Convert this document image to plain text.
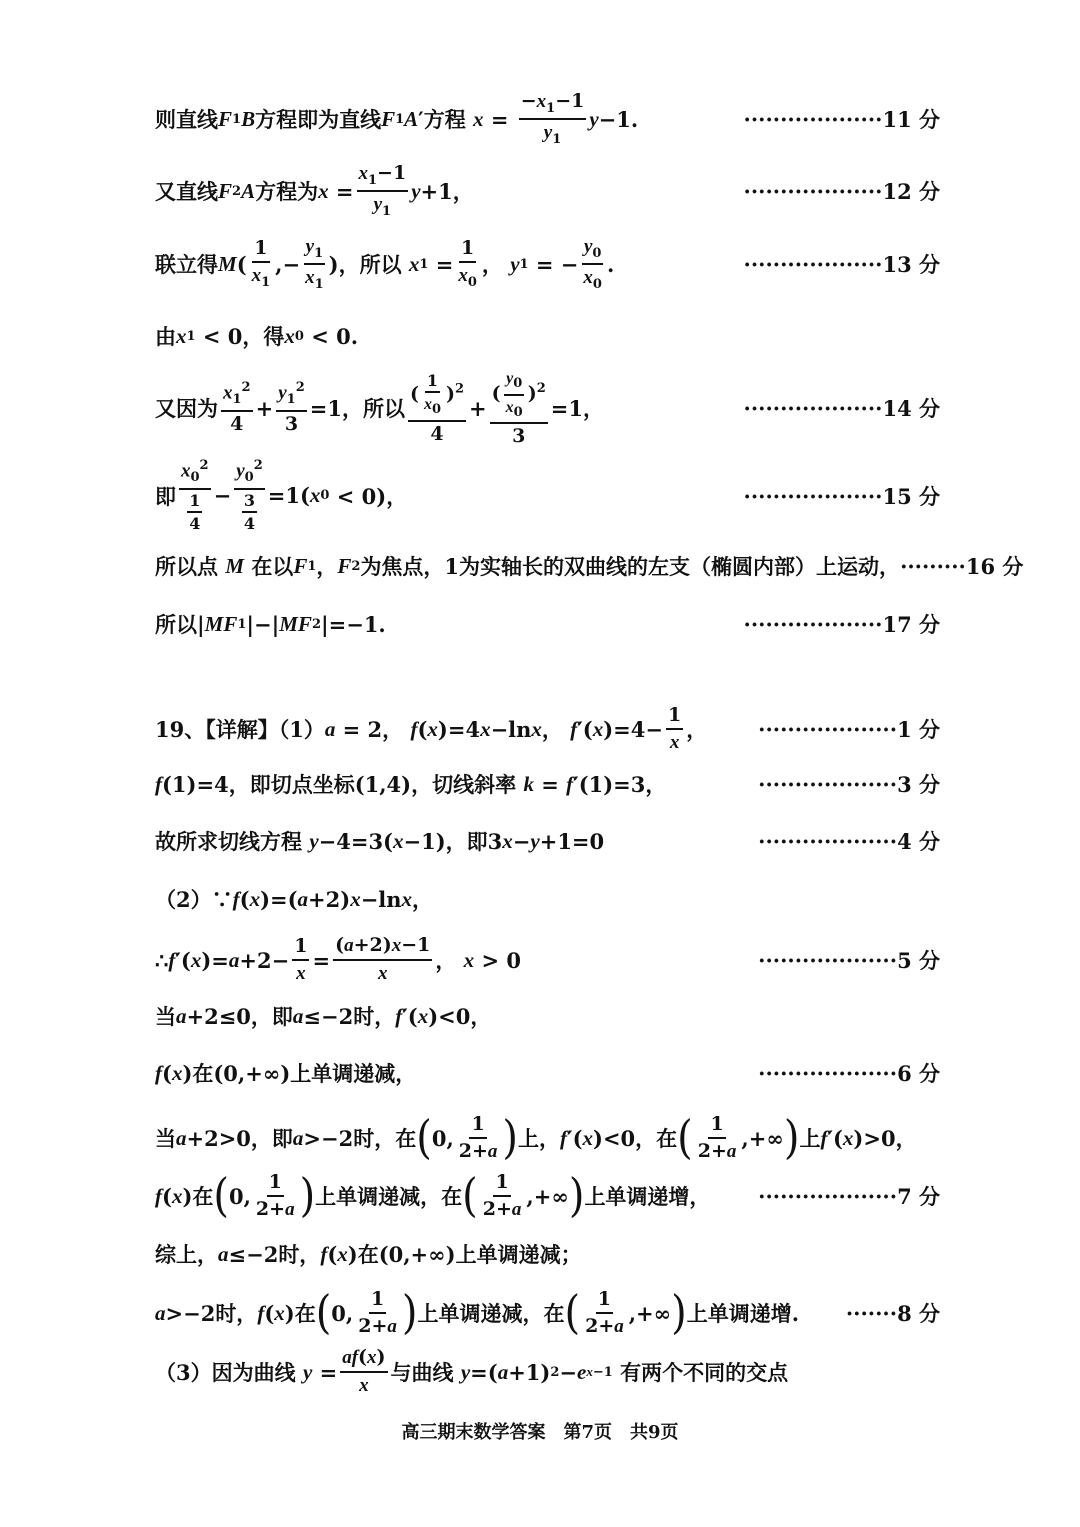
则直线 F 1 B 方程即为直线 F 1 A ′ 方程
$x = \frac{-x_1-1}{y_1}$ y −1.	···················11 分
又直线 F 2 A 方程为 $x = \frac{x_1-1}{y_1}$ y +1，	···················12 分
联立得 M ( $\frac{1}{x_1}$ ,− $\frac{y_1}{x_1}$ ) ，所以
x $1 = \frac{1}{x_0}$ ， y 1 = − $\frac{y_0}{x_0}$ .	···················13 分
由 x 1 < 0 ，得 x 0 < 0 .
又因为 $\frac{x_1^2}{4} + \frac{y_1^2}{3} =1$ ，所以 $\frac{( \frac{1}{x_0} )^2}{4} + \frac{( \frac{y_0}{x_0} )^2}{3} =1$，	···················14 分
即 $\frac{x_0^2}{\frac{1}{4}} - \frac{y_0^2}{\frac{3}{4}} =1$( x 0 < 0)，	···················15 分
所以点
M
在以 F 1 ， F 2 为焦点，1为实轴长的双曲线的左支（椭圆内部）上运动， ·········16 分
所以 | MF 1 |−| MF 2 |=−1.	···················17 分
19、【详解】（1） a = 2， f ( x )=4 x −ln x ， f ′( x )$=4- \frac{1}{x}$ ， ···················1 分
f (1)=4 ，即切点坐标 (1,4) ，切线斜率
k = f ′(1)=3，	···················3 分
故所求切线方程
y −4=3( x −1) ，即 3 x − y +1=0	···················4 分
（2）∵ f ( x )=( a +2) x −ln x ，
∴ f ′( x )= $a +2- \frac{1}{x} = \frac{(a+2)x-1}{x}$ ， x > 0	···················5 分
当 a +2≤0 ，即 a ≤−2 时， f ′( x )<0，
f ( x ) 在 (0,+∞) 上单调递减，	···················6 分
当 a +2>0 ，即 a >−2 时，在 ( 0, $\frac{1}{2+a}$ ) 上， f ′( x )<0 ，在 ( $\frac{1}{2+a}$ ,+∞ ) 上 f ′( x )>0，
f ( x ) 在 ( 0, $\frac{1}{2+a}$ ) 上单调递减，在 ( $\frac{1}{2+a}$ ,+∞ ) 上单调递增， ···················7 分
综上， a ≤−2 时， f ( x ) 在 (0,+∞) 上单调递减；
a >−2 时， f ( x ) 在 ( 0, $\frac{1}{2+a}$ ) 上单调递减，在 ( $\frac{1}{2+a}$ ,+∞ ) 上单调递增. ·······8 分
（3）因为曲线
$y = \frac{af(x)}{x}$ 与曲线
y =( a +1) 2 − e x−1
有两个不同的交点
高三期末数学答案　第7页　共9页
